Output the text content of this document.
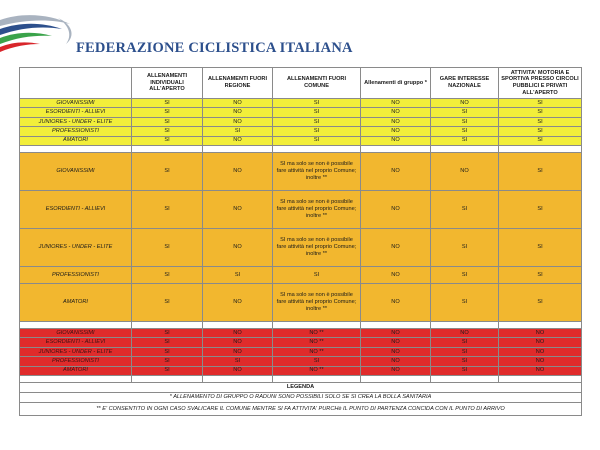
FEDERAZIONE CICLISTICA ITALIANA
	ALLENAMENTI INDIVIDUALI ALL'APERTO	ALLENAMENTI FUORI REGIONE	ALLENAMENTI FUORI COMUNE	Allenamenti di gruppo *	GARE INTERESSE NAZIONALE	ATTIVITA' MOTORIA E SPORTIVA PRESSO CIRCOLI PUBBLICI E PRIVATI ALL'APERTO
GIOVANISSIMI	SI	NO	SI	NO	NO	SI
ESORDIENTI - ALLIEVI	SI	NO	SI	NO	SI	SI
JUNIORES - UNDER - ELITE	SI	NO	SI	NO	SI	SI
PROFESSIONISTI	SI	SI	SI	NO	SI	SI
AMATORI	SI	NO	SI	NO	SI	SI

GIOVANISSIMI	SI	NO	SI ma solo se non è possibile fare attività nel proprio Comune; inoltre **	NO	NO	SI
ESORDIENTI - ALLIEVI	SI	NO	SI ma solo se non è possibile fare attività nel proprio Comune; inoltre **	NO	SI	SI
JUNIORES - UNDER - ELITE	SI	NO	SI ma solo se non è possibile fare attività nel proprio Comune; inoltre **	NO	SI	SI
PROFESSIONISTI	SI	SI	SI	NO	SI	SI
AMATORI	SI	NO	SI ma solo se non è possibile fare attività nel proprio Comune; inoltre **	NO	SI	SI

GIOVANISSIMI	SI	NO	NO **	NO	NO	NO
ESORDIENTI - ALLIEVI	SI	NO	NO **	NO	SI	NO
JUNIORES - UNDER - ELITE	SI	NO	NO **	NO	SI	NO
PROFESSIONISTI	SI	SI	SI	NO	SI	NO
AMATORI	SI	NO	NO **	NO	SI	NO

LEGENDA						
* ALLENAMENTO DI GRUPPO O RADUNI SONO POSSIBILI SOLO SE SI CREA LA BOLLA SANITARIA						
** E' CONSENTITO IN OGNI CASO SVALICARE IL COMUNE MENTRE SI FA ATTIVITA' PURCHè IL PUNTO DI PARTENZA CONCIDA CON IL PUNTO DI ARRIVO						
